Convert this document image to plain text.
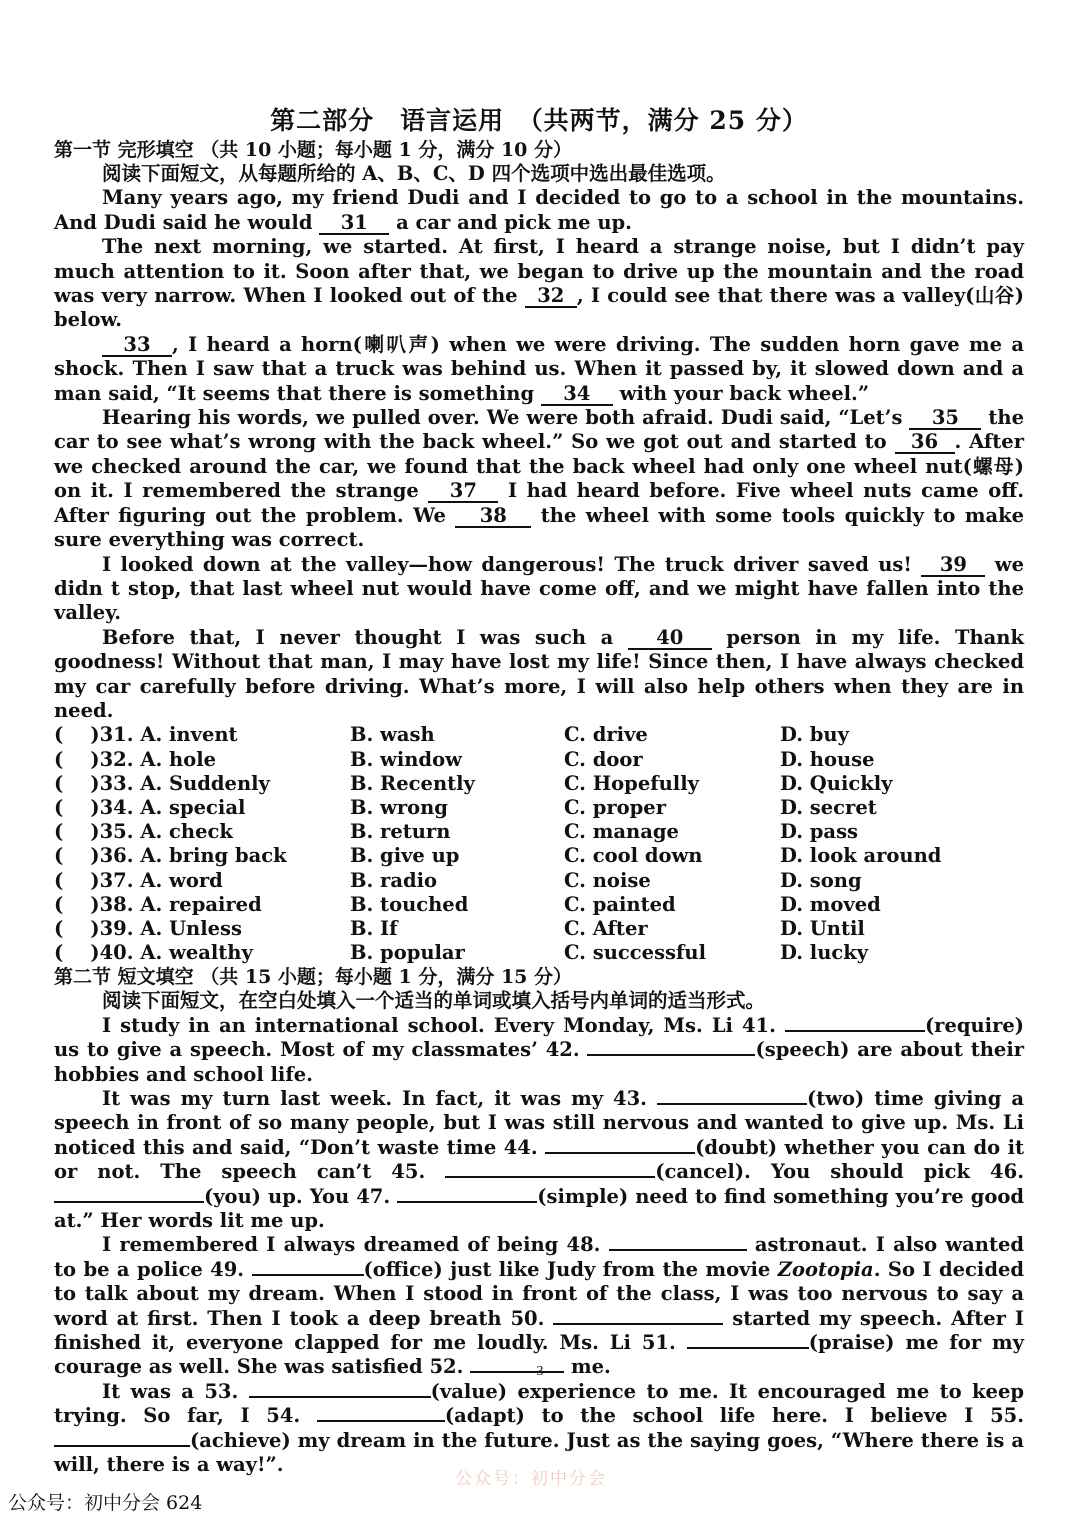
第二部分　语言运用　（共两节，满分 25 分）
第一节 完形填空 （共 10 小题；每小题 1 分，满分 10 分）

阅读下面短文，从每题所给的 A、B、C、D 四个选项中选出最佳选项。

Many years ago, my friend Dudi and I decided to go to a school in the mountains. And Dudi said he would 31 a car and pick me up.

The next morning, we started. At first, I heard a strange noise, but I didn’t pay much attention to it. Soon after that, we began to drive up the mountain and the road was very narrow. When I looked out of the 32 , I could see that there was a valley(山谷) below.

33 , I heard a horn(喇叭声) when we were driving. The sudden horn gave me a shock. Then I saw that a truck was behind us. When it passed by, it slowed down and a man said, “It seems that there is something 34 with your back wheel.”

Hearing his words, we pulled over. We were both afraid. Dudi said, “Let’s 35 the car to see what’s wrong with the back wheel.” So we got out and started to 36 . After we checked around the car, we found that the back wheel had only one wheel nut(螺母) on it. I remembered the strange 37 I had heard before. Five wheel nuts came off. After figuring out the problem. We 38 the wheel with some tools quickly to make sure everything was correct.

I looked down at the valley—how dangerous! The truck driver saved us! 39 we didn t stop, that last wheel nut would have come off, and we might have fallen into the valley.

Before that, I never thought I was such a 40 person in my life. Thank goodness! Without that man, I may have lost my life! Since then, I have always checked my car carefully before driving. What’s more, I will also help others when they are in need.

(    )31. A. invent	B. wash	C. drive	D. buy
(    )32. A. hole	B. window	C. door	D. house
(    )33. A. Suddenly	B. Recently	C. Hopefully	D. Quickly
(    )34. A. special	B. wrong	C. proper	D. secret
(    )35. A. check	B. return	C. manage	D. pass
(    )36. A. bring back	B. give up	C. cool down	D. look around
(    )37. A. word	B. radio	C. noise	D. song
(    )38. A. repaired	B. touched	C. painted	D. moved
(    )39. A. Unless	B. If	C. After	D. Until
(    )40. A. wealthy	B. popular	C. successful	D. lucky
第二节 短文填空 （共 15 小题；每小题 1 分，满分 15 分）

阅读下面短文，在空白处填入一个适当的单词或填入括号内单词的适当形式。

I study in an international school. Every Monday, Ms. Li 41.	(require) us to give a speech. Most of my classmates’ 42.	(speech) are about their hobbies and school life.

It was my turn last week. In fact, it was my 43.	(two) time giving a speech in front of so many people, but I was still nervous and wanted to give up. Ms. Li noticed this and said, “Don’t waste time 44.	(doubt) whether you can do it or not. The speech can’t 45.	(cancel). You should pick 46. (you) up. You 47.	(simple) need to find something you’re good at.” Her words lit me up.

I remembered I always dreamed of being 48.	astronaut. I also wanted to be a police 49.	(office) just like Judy from the movie Zootopia. So I decided to talk about my dream. When I stood in front of the class, I was too nervous to say a word at first. Then I took a deep breath 50.	started my speech. After I finished it, everyone clapped for me loudly. Ms. Li 51.	(praise) me for my courage as well. She was satisfied 52.	me.

It was a 53.	(value) experience to me. It encouraged me to keep trying. So far, I 54.	(adapt) to the school life here. I believe I 55. (achieve) my dream in the future. Just as the saying goes, “Where there is a will, there is a way!”.

3
公众号：初中分会
公众号：初中分会 624
